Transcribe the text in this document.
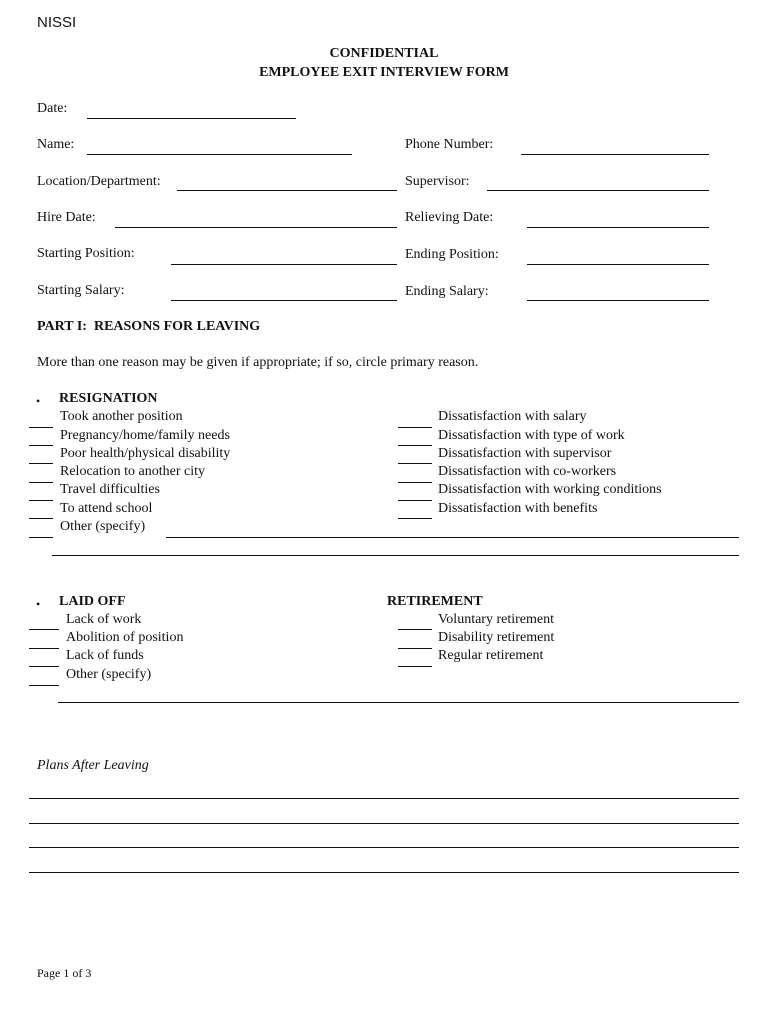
NISSI
CONFIDENTIAL
EMPLOYEE EXIT INTERVIEW FORM
Date:
Name:	Phone Number:
Location/Department:	Supervisor:
Hire Date:	Relieving Date:
Starting Position:	Ending Position:
Starting Salary:	Ending Salary:
PART I:  REASONS FOR LEAVING
More than one reason may be given if appropriate; if so, circle primary reason.
• RESIGNATION
Took another position
Pregnancy/home/family needs
Poor health/physical disability
Relocation to another city
Travel difficulties
To attend school
Other (specify)
Dissatisfaction with salary
Dissatisfaction with type of work
Dissatisfaction with supervisor
Dissatisfaction with co-workers
Dissatisfaction with working conditions
Dissatisfaction with benefits
• LAID OFF
Lack of work
Abolition of position
Lack of funds
Other (specify)
RETIREMENT
Voluntary retirement
Disability retirement
Regular retirement
Plans After Leaving
Page 1 of 3
